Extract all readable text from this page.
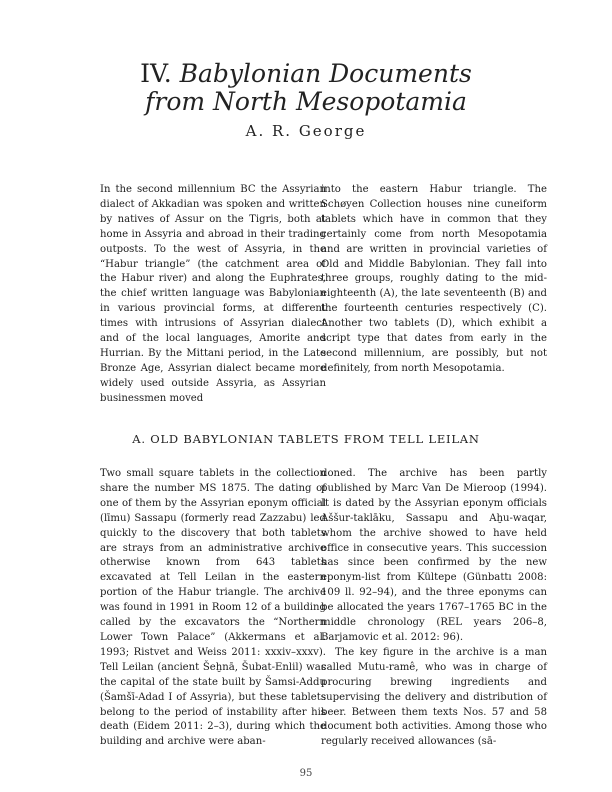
IV. Babylonian Documents
from North Mesopotamia
A. R. George

In the second millennium BC the Assyrian dialect of Akkadian was spoken and written by natives of Assur on the Tigris, both at home in Assyria and abroad in their trading outposts. To the west of Assyria, in the “Habur triangle” (the catchment area of the Habur river) and along the Euphrates, the chief written language was Babylonian in various provincial forms, at different times with intrusions of Assyrian dialect and of the local languages, Amorite and Hurrian. By the Mittani period, in the Late Bronze Age, Assyrian dialect became more widely used outside Assyria, as Assyrian businessmen moved

into the eastern Habur triangle. The Schøyen Collection houses nine cuneiform tablets which have in common that they certainly come from north Mesopotamia and are written in provincial varieties of Old and Middle Babylonian. They fall into three groups, roughly dating to the mid-eighteenth (A), the late seventeenth (B) and the fourteenth centuries respectively (C). Another two tablets (D), which exhibit a script type that dates from early in the second millennium, are possibly, but not definitely, from north Mesopotamia.

A. OLD BABYLONIAN TABLETS FROM TELL LEILAN

Two small square tablets in the collection share the number MS 1875. The dating of one of them by the Assyrian eponym official (līmu) Sassapu (formerly read Zazzabu) led quickly to the discovery that both tablets are strays from an administrative archive otherwise known from 643 tablets excavated at Tell Leilan in the eastern portion of the Habur triangle. The archive was found in 1991 in Room 12 of a building called by the excavators the “Northern Lower Town Palace” (Akkermans et al. 1993; Ristvet and Weiss 2011: xxxiv–xxxv). Tell Leilan (ancient Šeḫnā, Šubat-Enlil) was the capital of the state built by Šamsi-Addu (Šamšī-Adad I of Assyria), but these tablets belong to the period of instability after his death (Eidem 2011: 2–3), during which the building and archive were aban-

doned. The archive has been partly published by Marc Van De Mieroop (1994). It is dated by the Assyrian eponym officials Aššur-taklāku, Sassapu and Aḫu-waqar, whom the archive showed to have held office in consecutive years. This succession has since been confirmed by the new eponym-list from Kültepe (Günbattı 2008: 109 ll. 92–94), and the three eponyms can be allocated the years 1767–1765 BC in the middle chronology (REL years 206–8, Barjamovic et al. 2012: 96).

The key figure in the archive is a man called Mutu-ramê, who was in charge of procuring brewing ingredients and supervising the delivery and distribution of beer. Between them texts Nos. 57 and 58 document both activities. Among those who regularly received allowances (sā-

95
